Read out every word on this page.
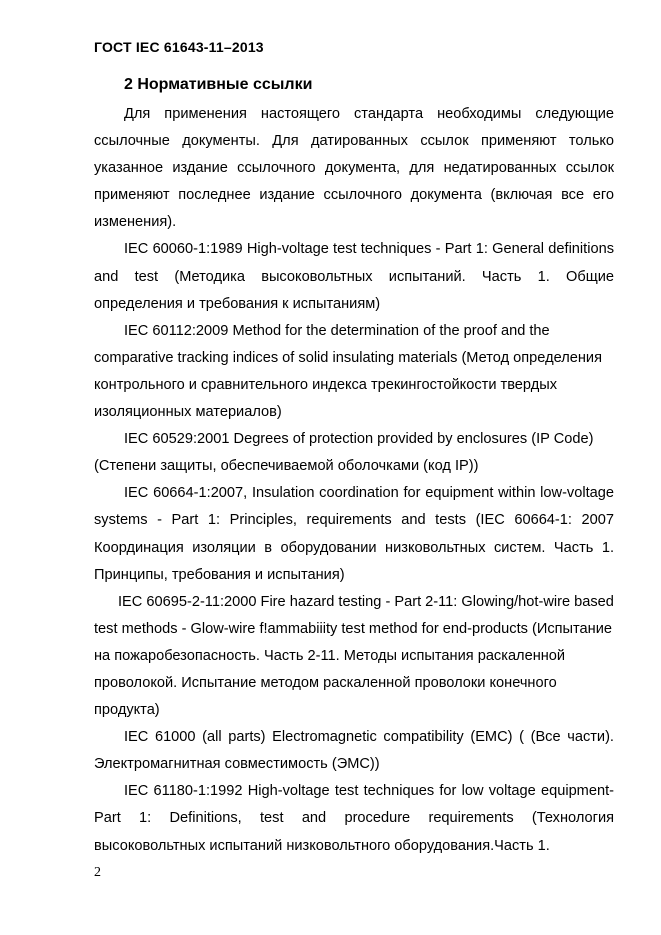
ГОСТ IEC 61643-11–2013
2 Нормативные ссылки

Для применения настоящего стандарта необходимы следующие ссылочные документы. Для датированных ссылок применяют только указанное издание ссылочного документа, для недатированных ссылок применяют последнее издание ссылочного документа (включая все его изменения).

IEC 60060-1:1989 High-voltage test techniques - Part 1: General definitions and test (Методика высоковольтных испытаний. Часть 1. Общие определения и требования к испытаниям)

IEC 60112:2009 Method for the determination of the proof and the comparative tracking indices of solid insulating materials (Метод определения контрольного и сравнительного индекса трекингостойкости твердых изоляционных материалов)

IEC 60529:2001 Degrees of protection provided by enclosures (IP Code) (Степени защиты, обеспечиваемой оболочками (код IP))

IEC 60664-1:2007, Insulation coordination for equipment within low-voltage systems - Part 1: Principles, requirements and tests (IEC 60664-1: 2007 Координация изоляции в оборудовании низковольтных систем. Часть 1. Принципы, требования и испытания)

IEC 60695-2-11:2000 Fire hazard testing - Part 2-11: Glowing/hot-wire based test methods - Glow-wire f!ammabiiity test method for end-products (Испытание на пожаробезопасность. Часть 2-11. Методы испытания раскаленной проволокой. Испытание методом раскаленной проволоки конечного продукта)

IEC 61000 (all parts) Electromagnetic compatibility (EMC) ( (Все части). Электромагнитная совместимость (ЭМС))

IEC 61180-1:1992 High-voltage test techniques for low voltage equipment- Part 1: Definitions, test and procedure requirements (Технология высоковольтных испытаний низковольтного оборудования.Часть 1.

2
